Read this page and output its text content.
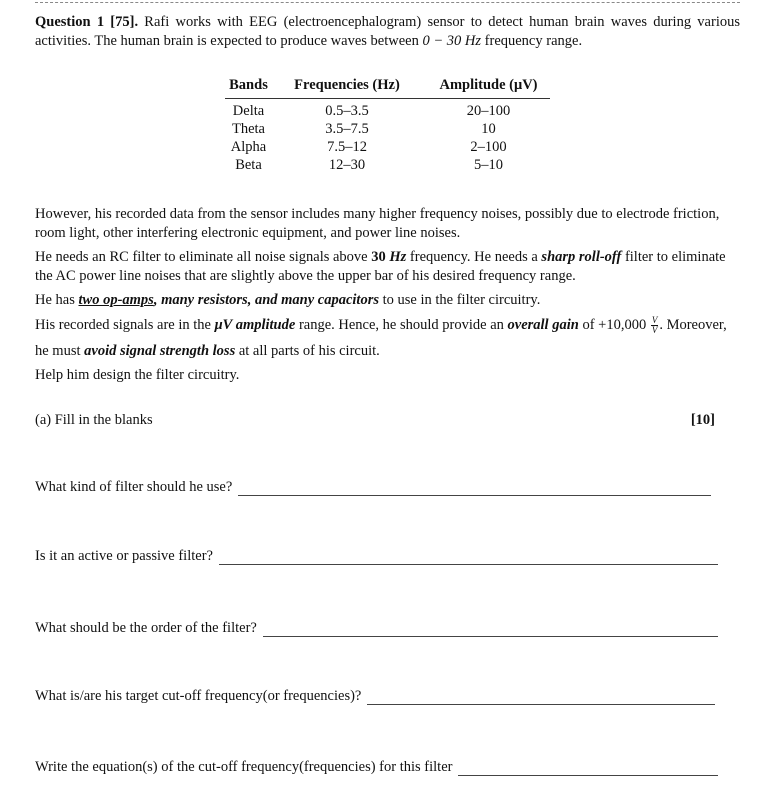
Question 1 [75]. Rafi works with EEG (electroencephalogram) sensor to detect human brain waves during various activities. The human brain is expected to produce waves between 0 − 30 Hz frequency range.

Bands	Frequencies (Hz)	Amplitude (μV)
Delta	0.5–3.5	20–100
Theta	3.5–7.5	10
Alpha	7.5–12	2–100
Beta	12–30	5–10

However, his recorded data from the sensor includes many higher frequency noises, possibly due to electrode friction, room light, other interfering electronic equipment, and power line noises.

He needs an RC filter to eliminate all noise signals above 30 Hz frequency. He needs a sharp roll-off filter to eliminate the AC power line noises that are slightly above the upper bar of his desired frequency range.

He has two op-amps, many resistors, and many capacitors to use in the filter circuitry.

His recorded signals are in the μV amplitude range. Hence, he should provide an overall gain of $+10,000 \frac{V}{V}$ . Moreover,

he must avoid signal strength loss at all parts of his circuit.

Help him design the filter circuitry.

(a) Fill in the blanks	[10]
What kind of filter should he use?
Is it an active or passive filter?
What should be the order of the filter?
What is/are his target cut-off frequency(or frequencies)?
Write the equation(s) of the cut-off frequency(frequencies) for this filter
